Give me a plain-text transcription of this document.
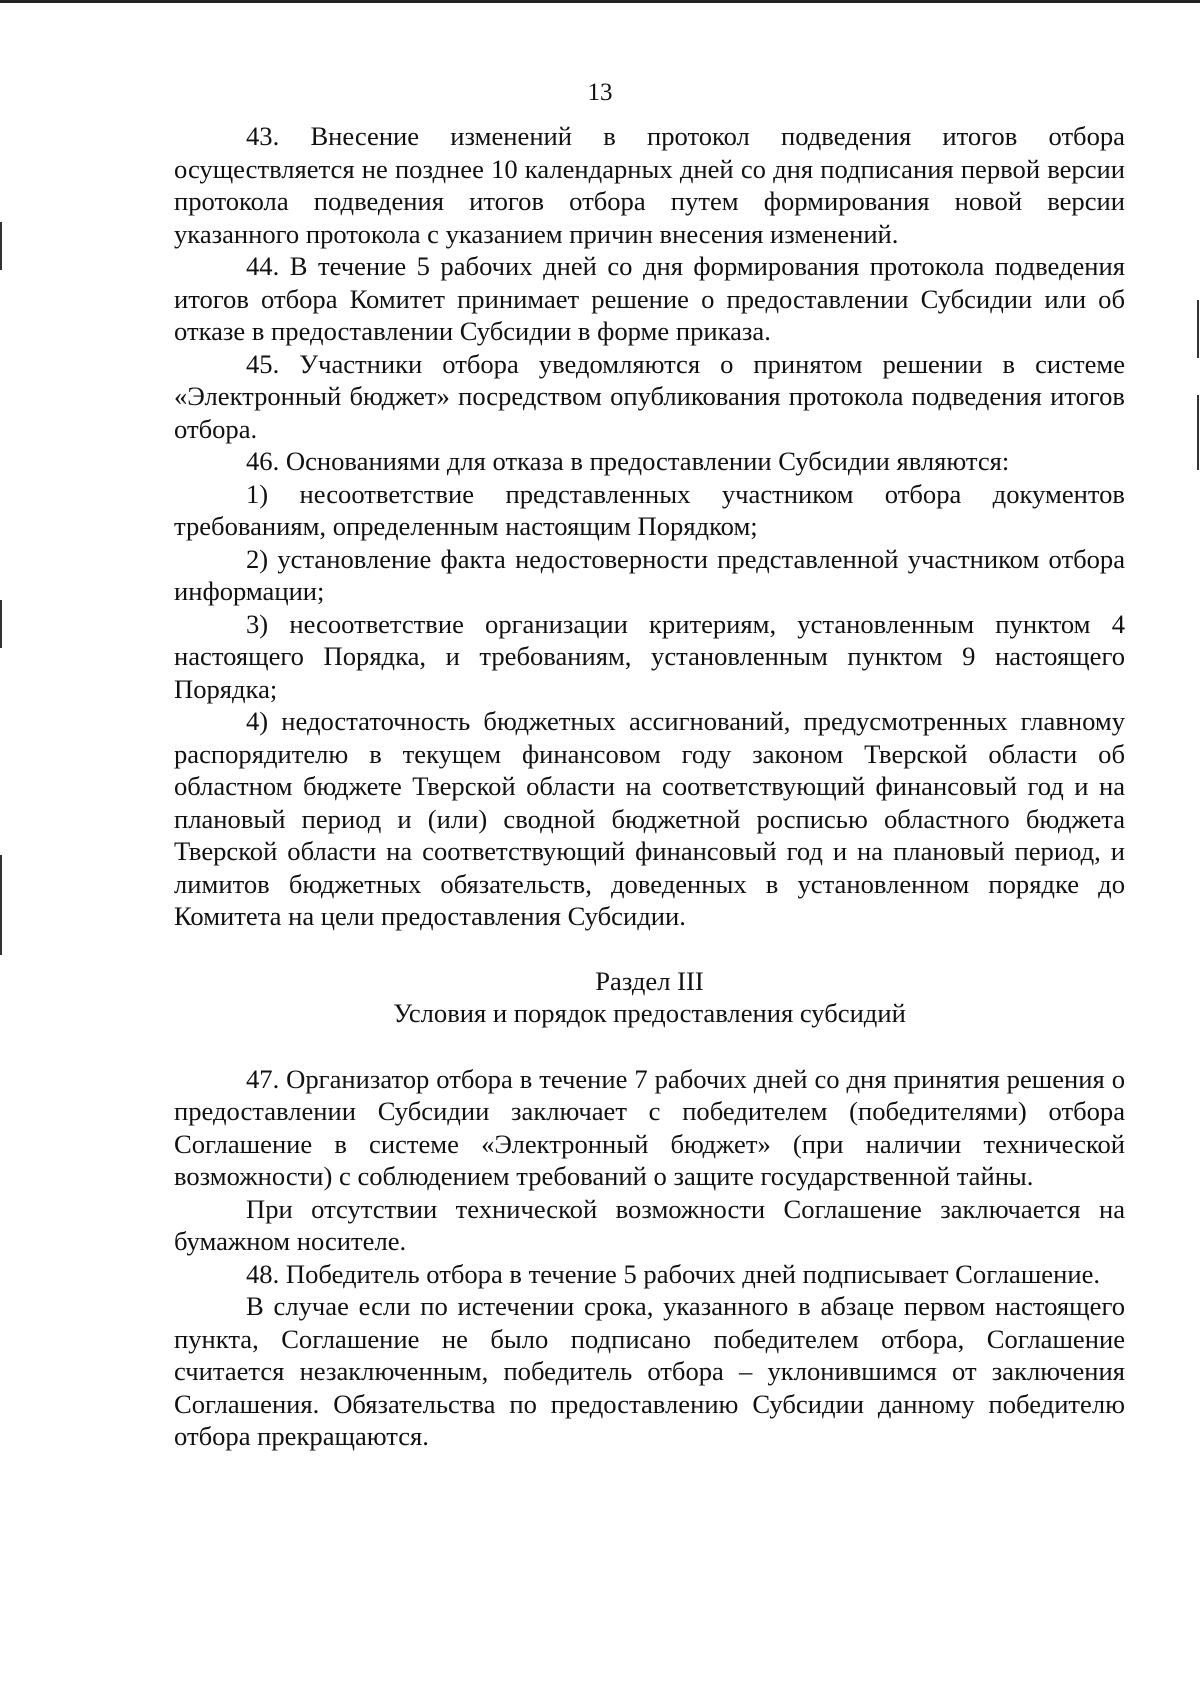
13

43. Внесение изменений в протокол подведения итогов отбора осуществляется не позднее 10 календарных дней со дня подписания первой версии протокола подведения итогов отбора путем формирования новой версии указанного протокола с указанием причин внесения изменений.

44. В течение 5 рабочих дней со дня формирования протокола подведения итогов отбора Комитет принимает решение о предоставлении Субсидии или об отказе в предоставлении Субсидии в форме приказа.

45. Участники отбора уведомляются о принятом решении в системе «Электронный бюджет» посредством опубликования протокола подведения итогов отбора.

46. Основаниями для отказа в предоставлении Субсидии являются:

1) несоответствие представленных участником отбора документов требованиям, определенным настоящим Порядком;

2) установление факта недостоверности представленной участником отбора информации;

3) несоответствие организации критериям, установленным пунктом 4 настоящего Порядка, и требованиям, установленным пунктом 9 настоящего Порядка;

4) недостаточность бюджетных ассигнований, предусмотренных главному распорядителю в текущем финансовом году законом Тверской области об областном бюджете Тверской области на соответствующий финансовый год и на плановый период и (или) сводной бюджетной росписью областного бюджета Тверской области на соответствующий финансовый год и на плановый период, и лимитов бюджетных обязательств, доведенных в установленном порядке до Комитета на цели предоставления Субсидии.

Раздел III

Условия и порядок предоставления субсидий

47. Организатор отбора в течение 7 рабочих дней со дня принятия решения о предоставлении Субсидии заключает с победителем (победителями) отбора Соглашение в системе «Электронный бюджет» (при наличии технической возможности) с соблюдением требований о защите государственной тайны.

При отсутствии технической возможности Соглашение заключается на бумажном носителе.

48. Победитель отбора в течение 5 рабочих дней подписывает Соглашение.

В случае если по истечении срока, указанного в абзаце первом настоящего пункта, Соглашение не было подписано победителем отбора, Соглашение считается незаключенным, победитель отбора – уклонившимся от заключения Соглашения. Обязательства по предоставлению Субсидии данному победителю отбора прекращаются.
